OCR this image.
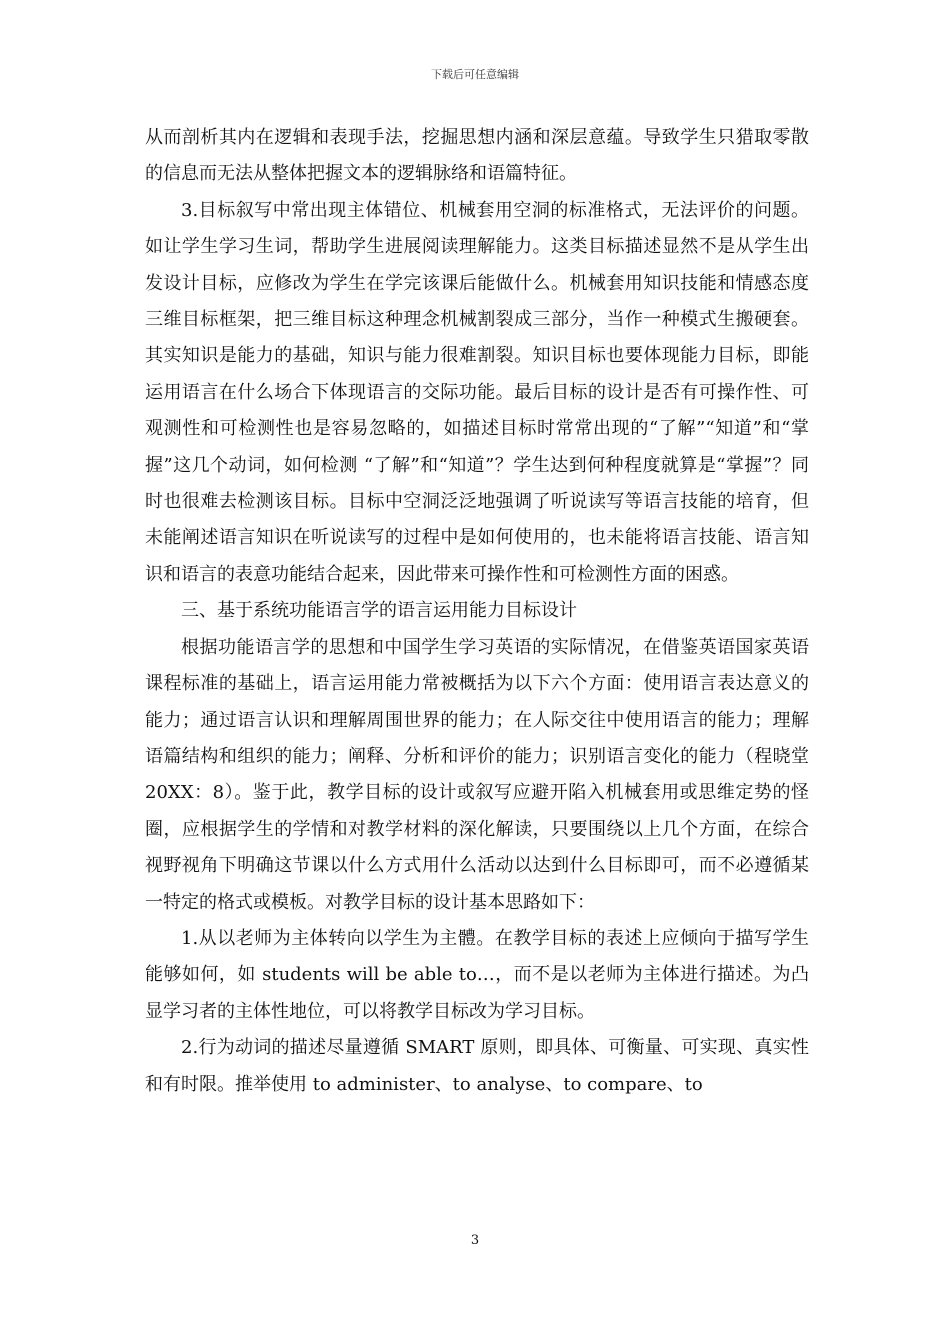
下载后可任意编辑

从而剖析其内在逻辑和表现手法，挖掘思想内涵和深层意蕴。导致学生只猎取零散的信息而无法从整体把握文本的逻辑脉络和语篇特征。

3.目标叙写中常出现主体错位、机械套用空洞的标准格式，无法评价的问题。如让学生学习生词，帮助学生进展阅读理解能力。这类目标描述显然不是从学生出发设计目标，应修改为学生在学完该课后能做什么。机械套用知识技能和情感态度三维目标框架，把三维目标这种理念机械割裂成三部分，当作一种模式生搬硬套。其实知识是能力的基础，知识与能力很难割裂。知识目标也要体现能力目标，即能运用语言在什么场合下体现语言的交际功能。最后目标的设计是否有可操作性、可观测性和可检测性也是容易忽略的，如描述目标时常常出现的“了解”“知道”和“掌握”这几个动词，如何检测 “了解”和“知道”？学生达到何种程度就算是“掌握”？同时也很难去检测该目标。目标中空洞泛泛地强调了听说读写等语言技能的培育，但未能阐述语言知识在听说读写的过程中是如何使用的，也未能将语言技能、语言知识和语言的表意功能结合起来，因此带来可操作性和可检测性方面的困惑。

三、基于系统功能语言学的语言运用能力目标设计

根据功能语言学的思想和中国学生学习英语的实际情况，在借鉴英语国家英语课程标准的基础上，语言运用能力常被概括为以下六个方面：使用语言表达意义的能力；通过语言认识和理解周围世界的能力；在人际交往中使用语言的能力；理解语篇结构和组织的能力；阐释、分析和评价的能力；识别语言变化的能力（程晓堂 20XX：8）。鉴于此，教学目标的设计或叙写应避开陷入机械套用或思维定势的怪圈，应根据学生的学情和对教学材料的深化解读，只要围绕以上几个方面，在综合视野视角下明确这节课以什么方式用什么活动以达到什么目标即可，而不必遵循某一特定的格式或模板。对教学目标的设计基本思路如下：

1.从以老师为主体转向以学生为主體。在教学目标的表述上应倾向于描写学生能够如何，如 students will be able to…，而不是以老师为主体进行描述。为凸显学习者的主体性地位，可以将教学目标改为学习目标。

2.行为动词的描述尽量遵循 SMART 原则，即具体、可衡量、可实现、真实性和有时限。推举使用 to administer、to analyse、to compare、to

3
